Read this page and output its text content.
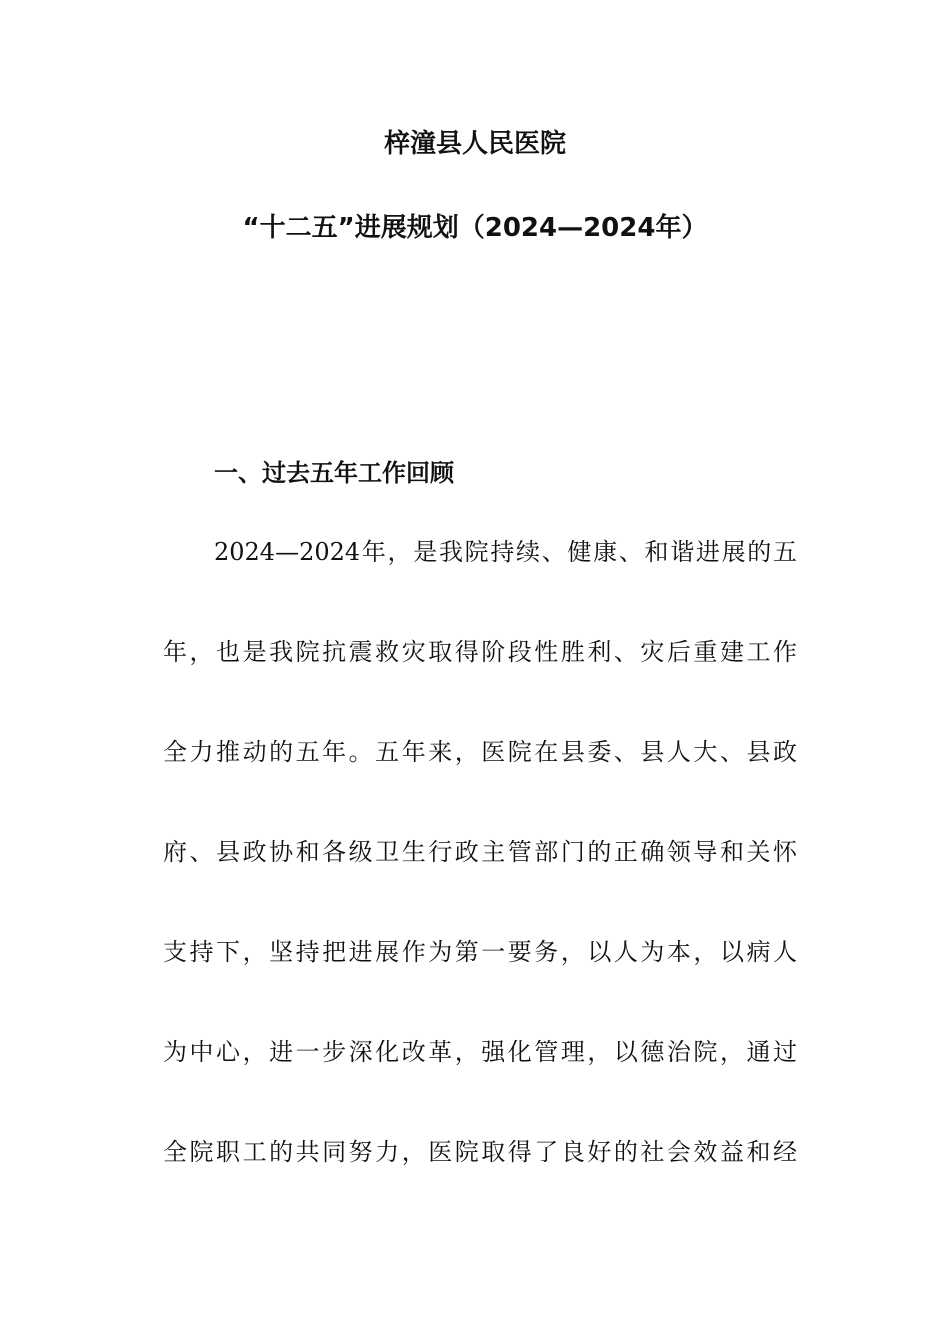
梓潼县人民医院
“十二五”进展规划（2024—2024年）
一、过去五年工作回顾

2024—2024年，是我院持续、健康、和谐进展的五

年，也是我院抗震救灾取得阶段性胜利、灾后重建工作

全力推动的五年。五年来，医院在县委、县人大、县政

府、县政协和各级卫生行政主管部门的正确领导和关怀

支持下，坚持把进展作为第一要务，以人为本，以病人

为中心，进一步深化改革，强化管理，以德治院，通过

全院职工的共同努力，医院取得了良好的社会效益和经
